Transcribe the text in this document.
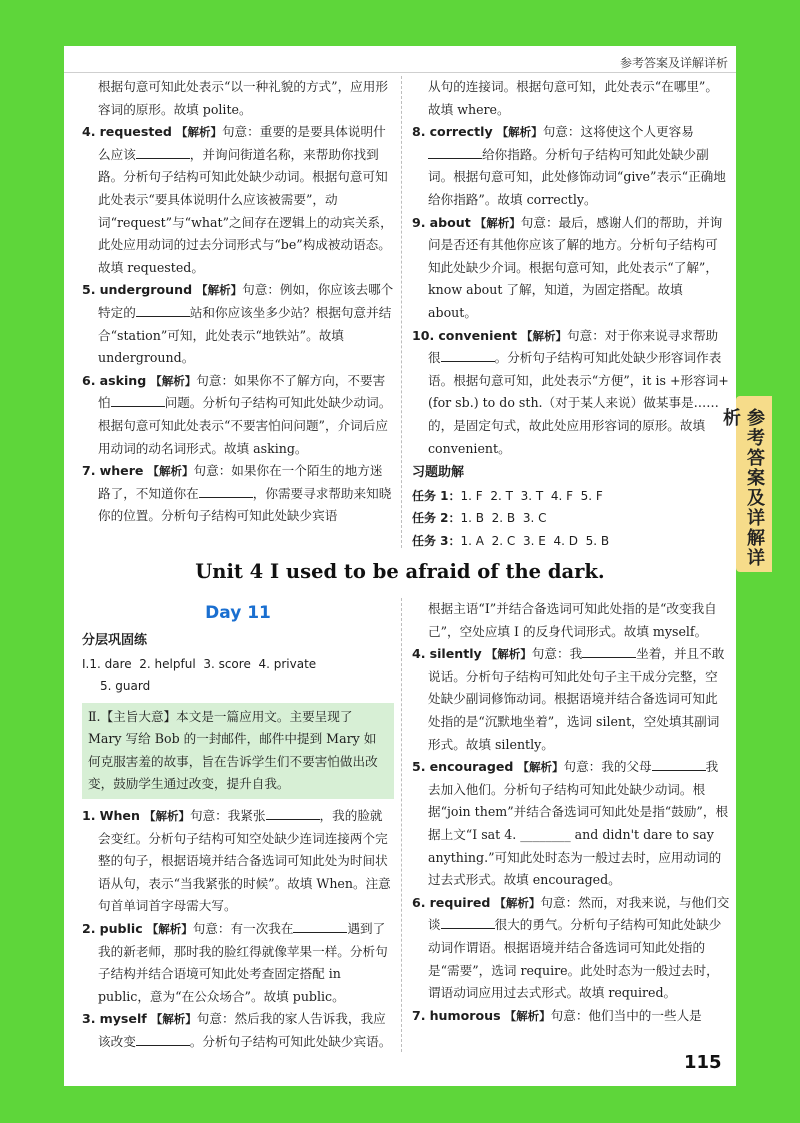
参考答案及详解详析

根据句意可知此处表示“以一种礼貌的方式”，应用形容词的原形。故填 polite。

4. requested 【解析】句意：重要的是要具体说明什么应该	，并询问街道名称，来帮助你找到路。分析句子结构可知此处缺少动词。根据句意可知此处表示“要具体说明什么应该被需要”，动词“request”与“what”之间存在逻辑上的动宾关系，此处应用动词的过去分词形式与“be”构成被动语态。故填 requested。

5. underground 【解析】句意：例如，你应该去哪个特定的	站和你应该坐多少站？根据句意并结合“station”可知，此处表示“地铁站”。故填 underground。

6. asking 【解析】句意：如果你不了解方向，不要害怕	问题。分析句子结构可知此处缺少动词。根据句意可知此处表示“不要害怕问问题”，介词后应用动词的动名词形式。故填 asking。

7. where 【解析】句意：如果你在一个陌生的地方迷路了，不知道你在	，你需要寻求帮助来知晓你的位置。分析句子结构可知此处缺少宾语

从句的连接词。根据句意可知，此处表示“在哪里”。故填 where。

8. correctly 【解析】句意：这将使这个人更容易给你指路。分析句子结构可知此处缺少副词。根据句意可知，此处修饰动词“give”表示“正确地给你指路”。故填 correctly。

9. about 【解析】句意：最后，感谢人们的帮助，并询问是否还有其他你应该了解的地方。分析句子结构可知此处缺少介词。根据句意可知，此处表示“了解”，know about 了解，知道，为固定搭配。故填 about。

10. convenient 【解析】句意：对于你来说寻求帮助很	。分析句子结构可知此处缺少形容词作表语。根据句意可知，此处表示“方便”，it is +形容词+(for sb.) to do sth.（对于某人来说）做某事是……的，是固定句式，故此处应用形容词的原形。故填 convenient。

习题助解

任务 1：1. F 2. T 3. T 4. F 5. F

任务 2：1. B 2. B 3. C

任务 3：1. A 2. C 3. E 4. D 5. B

Unit 4 I used to be afraid of the dark.
Day 11

分层巩固练

Ⅰ.1. dare 2. helpful 3. score 4. private

5. guard

Ⅱ.【主旨大意】本文是一篇应用文。主要呈现了 Mary 写给 Bob 的一封邮件，邮件中提到 Mary 如何克服害羞的故事，旨在告诉学生们不要害怕做出改变，鼓励学生通过改变，提升自我。

1. When 【解析】句意：我紧张	，我的脸就会变红。分析句子结构可知空处缺少连词连接两个完整的句子，根据语境并结合备选词可知此处为时间状语从句，表示“当我紧张的时候”。故填 When。注意句首单词首字母需大写。

2. public 【解析】句意：有一次我在	遇到了我的新老师，那时我的脸红得就像苹果一样。分析句子结构并结合语境可知此处考查固定搭配 in public，意为“在公众场合”。故填 public。

3. myself 【解析】句意：然后我的家人告诉我，我应该改变	。分析句子结构可知此处缺少宾语。

根据主语“I”并结合备选词可知此处指的是“改变我自己”，空处应填 I 的反身代词形式。故填 myself。

4. silently 【解析】句意：我	坐着，并且不敢说话。分析句子结构可知此处句子主干成分完整，空处缺少副词修饰动词。根据语境并结合备选词可知此处指的是“沉默地坐着”，选词 silent，空处填其副词形式。故填 silently。

5. encouraged 【解析】句意：我的父母	我去加入他们。分析句子结构可知此处缺少动词。根据“join them”并结合备选词可知此处是指“鼓励”，根据上文“I sat 4. ________ and didn't dare to say anything.”可知此处时态为一般过去时，应用动词的过去式形式。故填 encouraged。

6. required 【解析】句意：然而，对我来说，与他们交谈	很大的勇气。分析句子结构可知此处缺少动词作谓语。根据语境并结合备选词可知此处指的是“需要”，选词 require。此处时态为一般过去时，谓语动词应用过去式形式。故填 required。

7. humorous 【解析】句意：他们当中的一些人是

参考答案及详解详析
115
